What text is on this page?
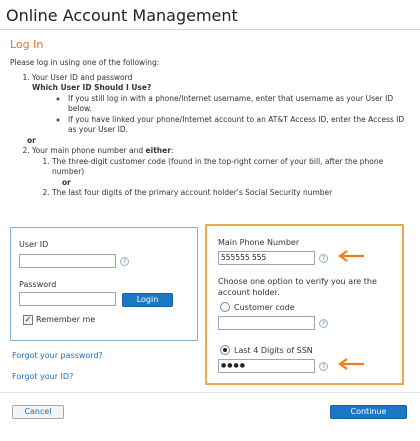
Online Account Management
Log In
Please log in using one of the following:
1. Your User ID and password
Which User ID Should I Use?
◦ If you still log in with a phone/Internet username, enter that username as your User ID below.
◦ If you have linked your phone/Internet account to an AT&T Access ID, enter the Access ID as your User ID.
or
2. Your main phone number and either:
1. The three-digit customer code (found in the top-right corner of your bill, after the phone number)
or
2. The last four digits of the primary account holder's Social Security number
User ID
?
Password
Login
✓ Remember me
Main Phone Number
555555 555	?
Choose one option to verify you are the account holder.
Customer code
?
Last 4 Digits of SSN
●●●●	?
Forgot your password?
Forgot your ID?
Cancel	Continue
